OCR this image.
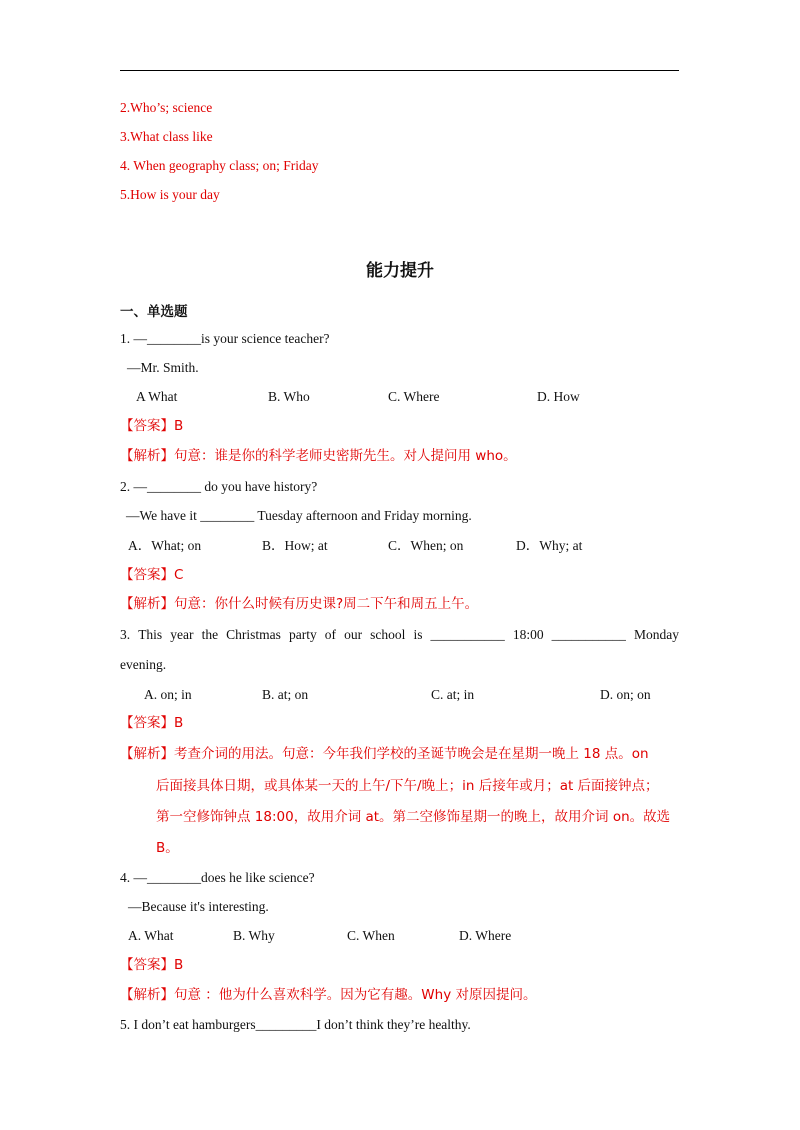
2.Who’s; science
3.What class like
4. When geography class; on; Friday
5.How is your day
能力提升
一、单选题
1. —________is your science teacher?
—Mr. Smith.
A What	B. Who	C. Where	D. How
【答案】B
【解析】句意：谁是你的科学老师史密斯先生。对人提问用 who。
2. —________ do you have history?
—We have it ________ Tuesday afternoon and Friday morning.
A．What; on	B．How; at	C．When; on	D．Why; at
【答案】C
【解析】句意：你什么时候有历史课?周二下午和周五上午。
3. This year the Christmas party of our school is ___________ 18:00 ___________ Monday
evening.
A. on; in	B. at; on	C. at; in	D. on; on
【答案】B
【解析】考查介词的用法。句意：今年我们学校的圣诞节晚会是在星期一晚上 18 点。on
后面接具体日期，或具体某一天的上午/下午/晚上；in 后接年或月；at 后面接钟点；
第一空修饰钟点 18:00，故用介词 at。第二空修饰星期一的晚上，故用介词 on。故选
B。
4. —________does he like science?
—Because it's interesting.
A. What	B. Why	C. When	D. Where
【答案】B
【解析】句意 ：他为什么喜欢科学。因为它有趣。Why 对原因提问。
5. I don’t eat hamburgers_________I don’t think they’re healthy.
